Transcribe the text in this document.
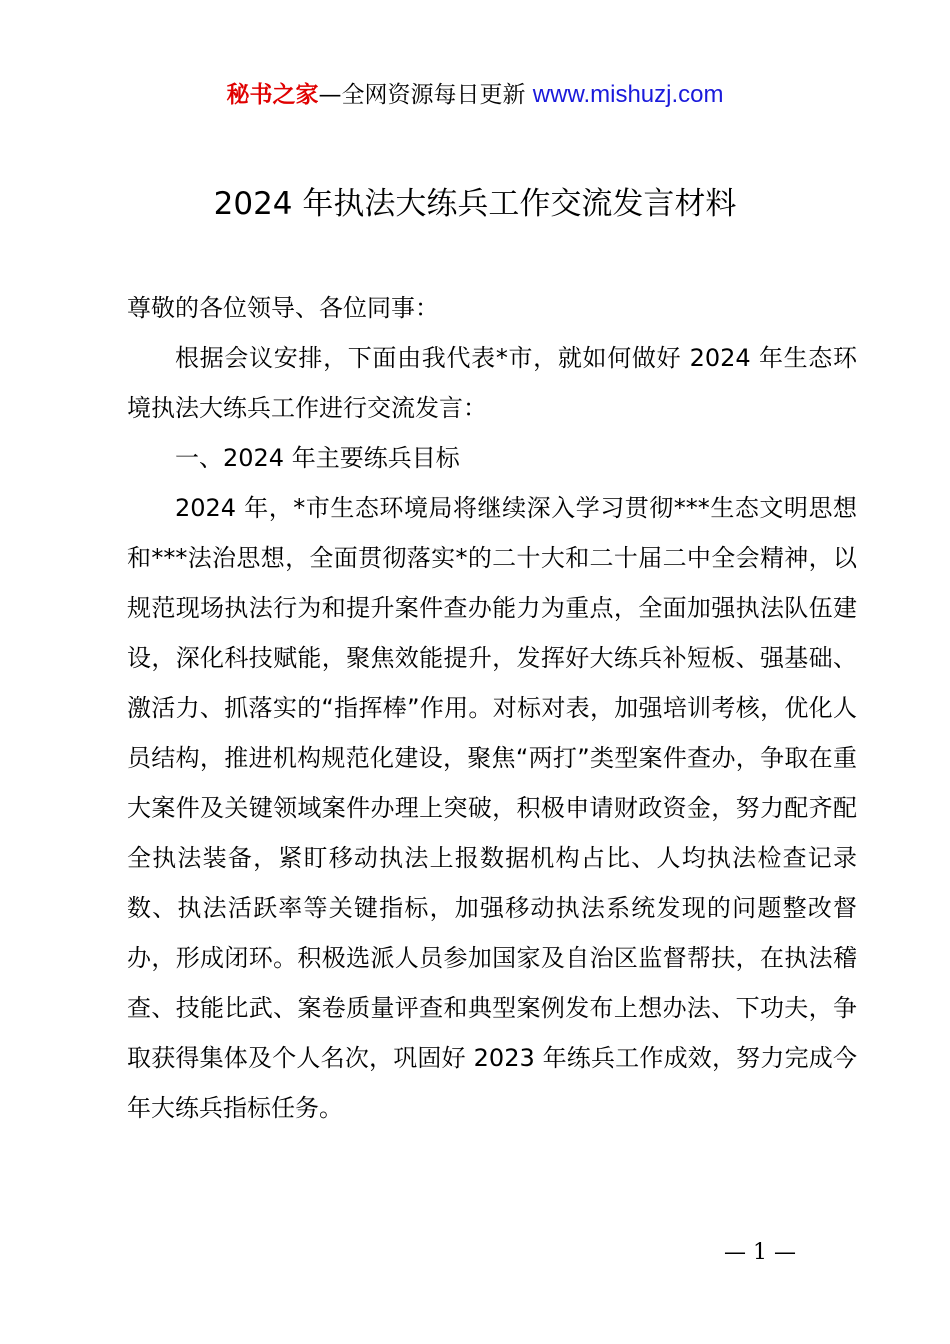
秘书之家—全网资源每日更新 www.mishuzj.com
2024 年执法大练兵工作交流发言材料

尊敬的各位领导、各位同事：

根据会议安排，下面由我代表*市，就如何做好 2024 年生态环境执法大练兵工作进行交流发言：

一、2024 年主要练兵目标

2024 年，*市生态环境局将继续深入学习贯彻***生态文明思想和***法治思想，全面贯彻落实*的二十大和二十届二中全会精神，以规范现场执法行为和提升案件查办能力为重点，全面加强执法队伍建设，深化科技赋能，聚焦效能提升，发挥好大练兵补短板、强基础、激活力、抓落实的“指挥棒”作用。对标对表，加强培训考核，优化人员结构，推进机构规范化建设，聚焦“两打”类型案件查办，争取在重大案件及关键领域案件办理上突破，积极申请财政资金，努力配齐配全执法装备，紧盯移动执法上报数据机构占比、人均执法检查记录数、执法活跃率等关键指标，加强移动执法系统发现的问题整改督办，形成闭环。积极选派人员参加国家及自治区监督帮扶，在执法稽查、技能比武、案卷质量评查和典型案例发布上想办法、下功夫，争取获得集体及个人名次，巩固好 2023 年练兵工作成效，努力完成今年大练兵指标任务。

— 1 —
